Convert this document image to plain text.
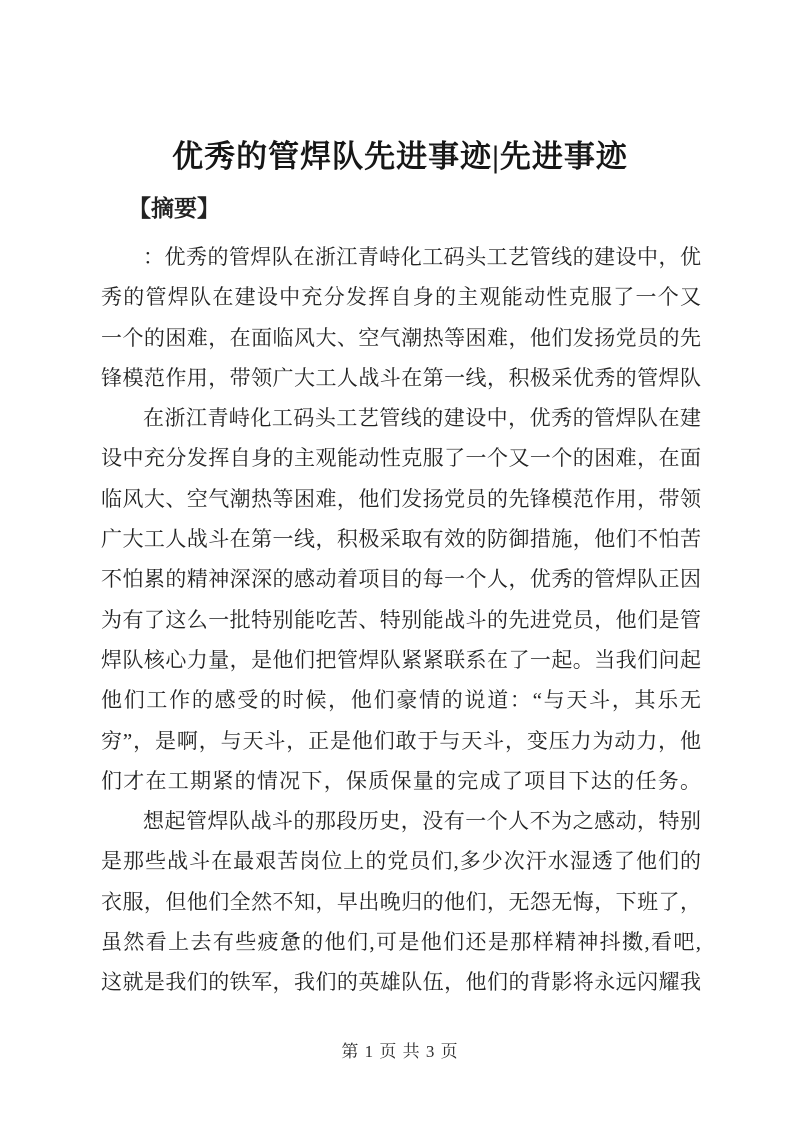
优秀的管焊队先进事迹|先进事迹
【摘要】
：优秀的管焊队在浙江青峙化工码头工艺管线的建设中，优
秀的管焊队在建设中充分发挥自身的主观能动性克服了一个又
一个的困难，在面临风大、空气潮热等困难，他们发扬党员的先
锋模范作用，带领广大工人战斗在第一线，积极采优秀的管焊队
在浙江青峙化工码头工艺管线的建设中，优秀的管焊队在建
设中充分发挥自身的主观能动性克服了一个又一个的困难，在面
临风大、空气潮热等困难，他们发扬党员的先锋模范作用，带领
广大工人战斗在第一线，积极采取有效的防御措施，他们不怕苦
不怕累的精神深深的感动着项目的每一个人，优秀的管焊队正因
为有了这么一批特别能吃苦、特别能战斗的先进党员，他们是管
焊队核心力量，是他们把管焊队紧紧联系在了一起。当我们问起
他们工作的感受的时候，他们豪情的说道：“与天斗，其乐无
穷”，是啊，与天斗，正是他们敢于与天斗，变压力为动力，他
们才在工期紧的情况下，保质保量的完成了项目下达的任务。
想起管焊队战斗的那段历史，没有一个人不为之感动，特别
是那些战斗在最艰苦岗位上的党员们,多少次汗水湿透了他们的
衣服，但他们全然不知，早出晚归的他们，无怨无悔，下班了，
虽然看上去有些疲惫的他们,可是他们还是那样精神抖擞,看吧,
这就是我们的铁军，我们的英雄队伍，他们的背影将永远闪耀我
第 1 页 共 3 页
